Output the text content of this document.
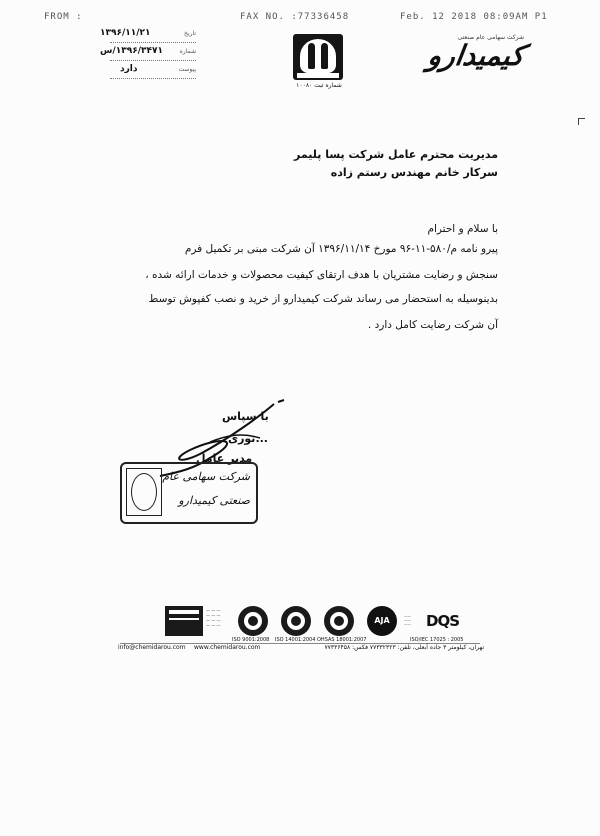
FROM :	FAX NO. :77336458	Feb. 12 2018 08:09AM P1
۱۳۹۶/۱۱/۲۱	تاریخ
۱۳۹۶/۳۴۷۱/س	شماره
دارد	پیوست
شماره ثبت ۱۰۰۸۰
شرکت سهامی عام صنعتی
کیمیدارو
مدیریت محترم عامل شرکت پسا پلیمر
سرکار خانم مهندس رستم زاده
با سلام و احترام
پیرو نامه م/۵۸۰-۱۱-۹۶ مورخ ۱۳۹۶/۱۱/۱۴ آن شرکت مبنی بر تکمیل فرم
سنجش و رضایت مشتریان با هدف ارتقای کیفیت محصولات و خدمات ارائه شده ،
بدینوسیله به استحضار می رساند شرکت کیمیدارو از خرید و نصب کفپوش توسط
آن شرکت رضایت کامل دارد .
با سپاس
...نوری
مدیر عامل
شرکت سهامی عام
صنعتی کیمیدارو
— — —
— — —
— — —
— — —
ISO 9001:2008 ISO 14001:2004 OHSAS 18001:2007
AJA	——
——
——	DQS
ISO/IEC 17025 : 2005
info@chemidarou.com www.chemidarou.com	تهران، کیلومتر ۳ جاده آبعلی، تلفن: ۷۷۳۳۲۳۲۳ فکس: ۷۷۳۳۶۴۵۸
